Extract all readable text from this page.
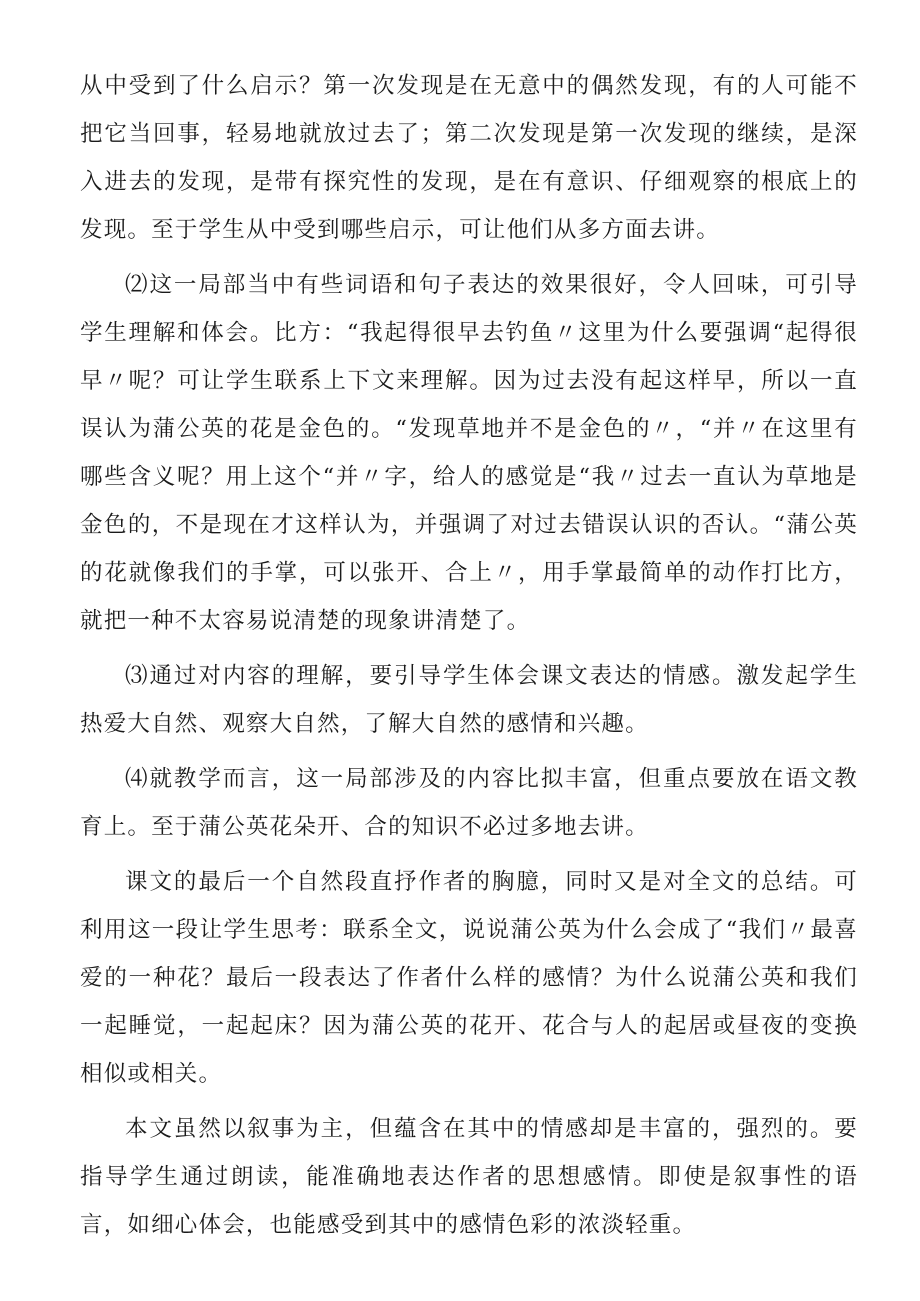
从中受到了什么启示？第一次发现是在无意中的偶然发现，有的人可能不把它当回事，轻易地就放过去了；第二次发现是第一次发现的继续，是深入进去的发现，是带有探究性的发现，是在有意识、仔细观察的根底上的发现。至于学生从中受到哪些启示，可让他们从多方面去讲。

⑵这一局部当中有些词语和句子表达的效果很好，令人回味，可引导学生理解和体会。比方：“我起得很早去钓鱼〃这里为什么要强调“起得很早〃呢？可让学生联系上下文来理解。因为过去没有起这样早，所以一直误认为蒲公英的花是金色的。“发现草地并不是金色的〃，“并〃在这里有哪些含义呢？用上这个“并〃字，给人的感觉是“我〃过去一直认为草地是金色的，不是现在才这样认为，并强调了对过去错误认识的否认。“蒲公英的花就像我们的手掌，可以张开、合上〃，用手掌最简单的动作打比方，就把一种不太容易说清楚的现象讲清楚了。

⑶通过对内容的理解，要引导学生体会课文表达的情感。激发起学生热爱大自然、观察大自然，了解大自然的感情和兴趣。

⑷就教学而言，这一局部涉及的内容比拟丰富，但重点要放在语文教育上。至于蒲公英花朵开、合的知识不必过多地去讲。

课文的最后一个自然段直抒作者的胸臆，同时又是对全文的总结。可利用这一段让学生思考：联系全文，说说蒲公英为什么会成了“我们〃最喜爱的一种花？最后一段表达了作者什么样的感情？为什么说蒲公英和我们一起睡觉，一起起床？因为蒲公英的花开、花合与人的起居或昼夜的变换相似或相关。

本文虽然以叙事为主，但蕴含在其中的情感却是丰富的，强烈的。要指导学生通过朗读，能准确地表达作者的思想感情。即使是叙事性的语言，如细心体会，也能感受到其中的感情色彩的浓淡轻重。
